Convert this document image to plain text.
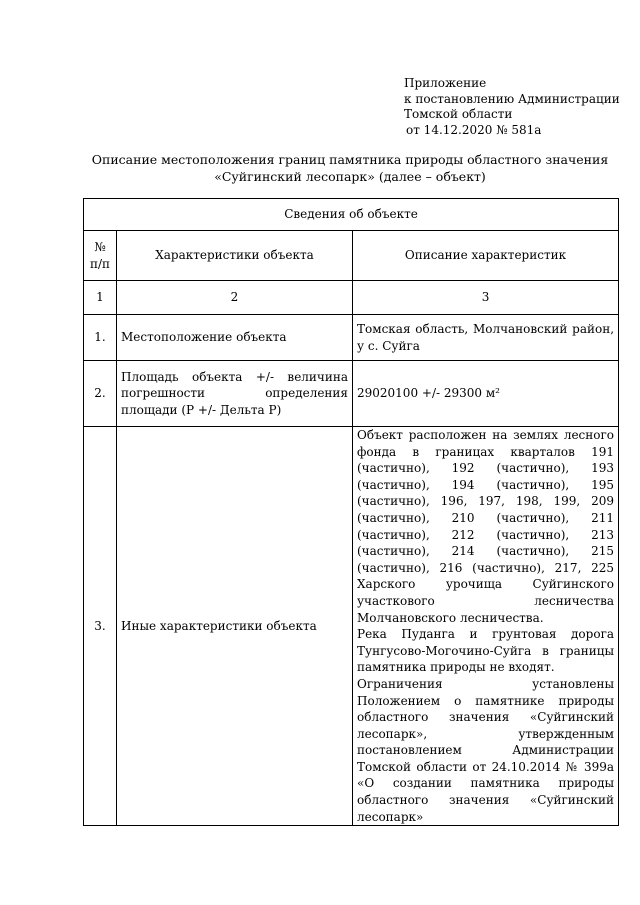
Приложение
к постановлению Администрации
Томской области
от 14.12.2020 № 581а
Описание местоположения границ памятника природы областного значения
«Суйгинский лесопарк» (далее – объект)
Сведения об объекте		
№ п/п	Характеристики объекта	Описание характеристик
1	2	3
1.	Местоположение объекта	Томская область, Молчановский район, у с. Суйга
2.	Площадь объекта +/- величина погрешности определения площади (P +/- Дельта P)	29020100 +/- 29300 м²
3.	Иные характеристики объекта	Объект расположен на землях лесного фонда в границах кварталов 191 (частично), 192 (частично), 193 (частично), 194 (частично), 195 (частично), 196, 197, 198, 199, 209 (частично), 210 (частично), 211 (частично), 212 (частично), 213 (частично), 214 (частично), 215 (частично), 216 (частично), 217, 225 Харского урочища Суйгинского участкового лесничества Молчановского лесничества.

Река Пуданга и грунтовая дорога Тунгусово-Могочино-Суйга в границы памятника природы не входят.

Ограничения установлены Положением о памятнике природы областного значения «Суйгинский лесопарк», утвержденным постановлением Администрации Томской области от 24.10.2014 № 399а «О создании памятника природы областного значения «Суйгинский лесопарк»
